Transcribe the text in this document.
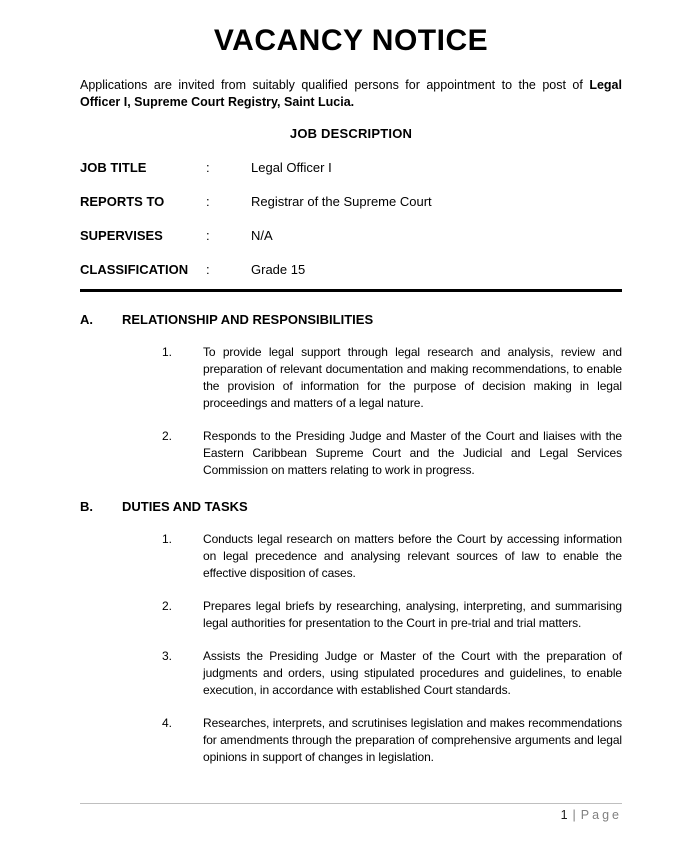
VACANCY NOTICE

Applications are invited from suitably qualified persons for appointment to the post of Legal Officer I, Supreme Court Registry, Saint Lucia.

JOB DESCRIPTION
JOB TITLE	:	Legal Officer I
REPORTS TO	:	Registrar of the Supreme Court
SUPERVISES	:	N/A
CLASSIFICATION	:	Grade 15
A.	RELATIONSHIP AND RESPONSIBILITIES
1.	To provide legal support through legal research and analysis, review and preparation of relevant documentation and making recommendations, to enable the provision of information for the purpose of decision making in legal proceedings and matters of a legal nature.
2.	Responds to the Presiding Judge and Master of the Court and liaises with the Eastern Caribbean Supreme Court and the Judicial and Legal Services Commission on matters relating to work in progress.
B.	DUTIES AND TASKS
1.	Conducts legal research on matters before the Court by accessing information on legal precedence and analysing relevant sources of law to enable the effective disposition of cases.
2.	Prepares legal briefs by researching, analysing, interpreting, and summarising legal authorities for presentation to the Court in pre-trial and trial matters.
3.	Assists the Presiding Judge or Master of the Court with the preparation of judgments and orders, using stipulated procedures and guidelines, to enable execution, in accordance with established Court standards.
4.	Researches, interprets, and scrutinises legislation and makes recommendations for amendments through the preparation of comprehensive arguments and legal opinions in support of changes in legislation.
1 | Page
